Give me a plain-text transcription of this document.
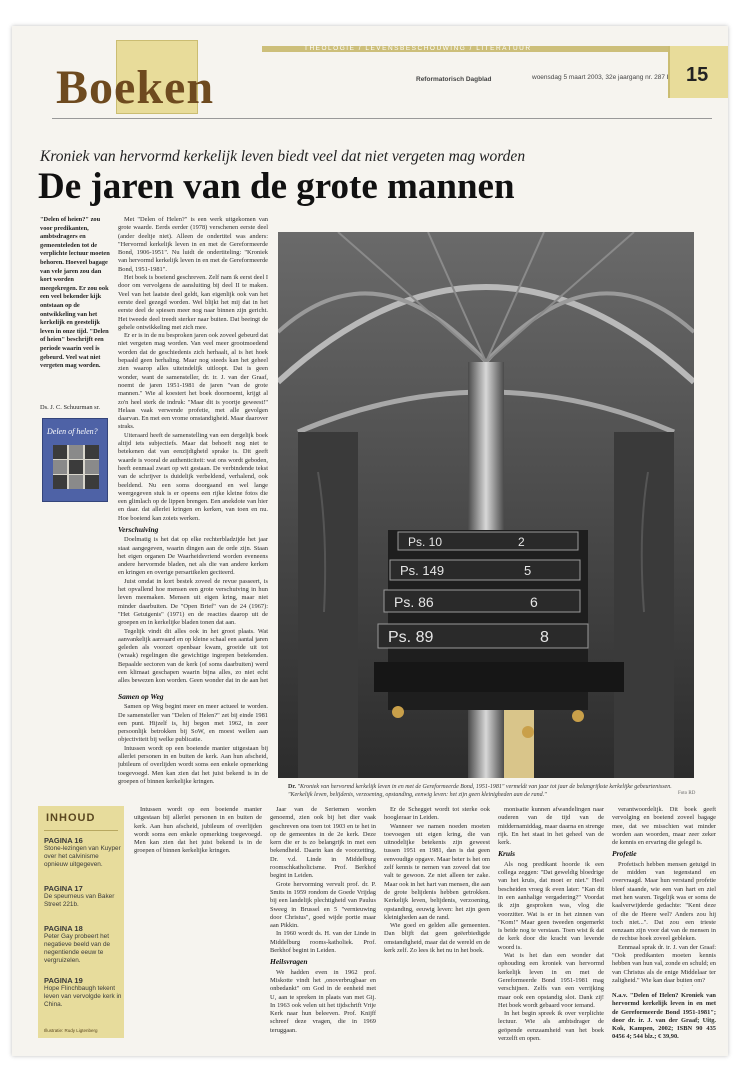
THEOLOGIE / LEVENSBESCHOUWING / LITERATUUR
Boeken	Reformatorisch Dagblad	woensdag 5 maart 2003, 32e jaargang nr. 287	15
Kroniek van hervormd kerkelijk leven biedt veel dat niet vergeten mag worden
De jaren van de grote mannen
"Delen of heien?" zou voor predikanten, ambtsdragers en gemeenteleden tot de verplichte lectuur moeten behoren. Hoeveel bagage van vele jaren zou dan kort worden meegekregen. Er zou ook een veel bekender kijk ontstaan op de ontwikkeling van het kerkelijk en geestelijk leven in onze tijd. "Delen of heien" beschrijft een periode waarin veel is gebeurd. Veel wat niet vergeten mag worden.
Ds. J. C. Schuurman sr.
Delen of helen?

Met "Delen of Helen?" is een werk uitgekomen van grote waarde. Eerds eerder (1978) verschenen eerste deel (ander deeltje niet). Alleen de ondertitel was anders: "Hervormd kerkelijk leven in en met de Gereformeerde Bond, 1906-1951". Nu luidt de ondertiteling: "Kroniek van hervormd kerkelijk leven in en met de Gereformeerde Bond, 1951-1981".

Het boek is boeiend geschreven. Zelf nam ik eerst deel I door om vervolgens de aansluiting bij deel II te maken. Veel van het laatste deel geldt, kan eigenlijk ook van het eerste deel gezegd worden. Wel blijkt het mij dat in het eerste deel de spiesen meer nog naar binnen zijn gericht. Het tweede deel treedt sterker naar buiten. Dat beeingt de gehele ontwikkeling met zich mee.

Er er is in de nu besproken jaren ook zoveel gebeurd dat niet vergeten mag worden. Van veel meer grootmoedend worden dat de geschiedenis zich herhaalt, al is het hoek bepaald geen herhaling. Maar nog steeds kan het geheel zien waarop alles uiteindelijk uitloopt. Dat is geen wonder, want de samensteller, dr. ir. J. van der Graaf, noemt de jaren 1951-1981 de jaren "van de grote mannen." Wie al koestert het boek doornoemt, krijgt al zo'n heel sterk de indruk: "Maar dit is yoortje geweest!" Helaas vaak verwende profetie, met alle gevolgen daarvan. En met een vrome omstandigheid. Maar daarover straks.

Uiteraard heeft de samenstelling van een dergelijk boek altijd iets subjectiefs. Maar dat behoeft nog niet te betekenen dat van eenzijdigheid sprake is. Dit geeft waarde is vooral de authenticiteit: wat ons wordt geboden, heeft eenmaal zwart op wit gestaan. De verbindende tekst van de schrijver is duidelijk verbeldend, verhalend, ook beeldend. Nu een soms doorgaand en wel lange weergegeven stuk is er opeens een rijke kleine fotos die een glimlach op de lippen brengen. Een anekdote van hier en daar. dat allerlei kringen en kerken, van toen en nu. Hoe boeiend kan zoiets werken.

Verschuiving

Doelmatig is het dat op elke rechterbladzijde het jaar staat aangegeven, waarin dingen aan de orde zijn. Staan het eigen organen De Waarheidsvriend worden eveneens andere hervormde bladen, net als die van andere kerken en kringen en overige persartikelen geciteerd.

Juist omdat in kort bestek zoveel de revue passeert, is het opvallend hoe mensen een grote verschuiving in hun leven meemaken. Mensen uit eigen kring, maar niet minder daarbuiten. De "Open Brief" van de 24 (1967): "Het Getuigenis" (1971) en de reacties daarop uit de groepen en in kerkelijke bladen tonen dat aan.

Tegelijk vindt dit alles ook in het groot plaats. Wat aanvankelijk aanvaard en op kleine schaal een aantal jaren geleden als voorzet openbaar kwam, groeide uit tot (wraak) regelingen die gewichtige ingrepen betekenden. Bepaalde sectoren van de kerk (of soms daarbuiten) werd een klimaat geschapen waarin bijna alles, zo niet echt alles bewezen kon worden. Geen wonder dat in de aan het

Samen op Weg

Samen op Weg begint meer en meer actueel te worden. De samensteller van "Delen of Helen?" zet bij einde 1981 een punt. Hijzelf is, hij begon met 1962, in zeer persoonlijk betrokken bij SoW, en moest wellen aan objectiviteit bij welke publicatie.

Intussen wordt op een boeiende manier uitgestaan bij allerlei personen in en buiten de kerk. Aan hun afscheid, jubileum of overlijden wordt soms een enkele opmerking toegevoegd. Men kan zien dat het juist bekend is in de groepen of binnen kerkelijke kringen.

Ps. 10	2
Ps. 149	5
Ps. 86	6
Ps. 89	8
Dr. "Kroniek van hervormd kerkelijk leven in en met de Gereformeerde Bond, 1951-1981" vermeldt van jaar tot jaar de belangrijkste kerkelijke gebeurtenissen. "Kerkelijk leven, belijdenis, verzoening, opstanding, eenwig leven: het zijn geen kleinigheden aan de rand."	Foto RD

Intussen wordt op een boeiende manier uitgestaan bij allerlei personen in en buiten de kerk. Aan hun afscheid, jubileum of overlijden wordt soms een enkele opmerking toegevoegd. Men kan zien dat het juist bekend is in de groepen of binnen kerkelijke kringen.

Jaar van de Seriemen worden genoemd, zien ook bij het dier vaak geschreven ons toen tot 1903 en te het in op de gemeentes in de 2e kerk. Deze kern die er is zo belangrijk in met een bekendheid. Daarin kan de voorzetting. Dr. v.d. Linde in Middelburg roomschkatholicisme. Prof. Berkhof begint in Leiden.

Grote hervorming vervult prof. dr. P. Smits in 1959 rondom de Goede Vrijdag bij een landelijk plechtigheid van Paulus Sweeg in Brussel en 5 "vernieuwing door Christus", goed wijde portie maar aan Pikkin.

In 1960 wordt ds. H. van der Linde in Middelburg rooms-katholiek. Prof. Berkhof begint in Leiden.

Heilsvragen

We hadden even in 1962 prof. Miskotte vindt het ,onoverbrugbaar en onbedankt" om God in de eenheid met U, aan te spreken in plaats van met Gij. In 1963 ook velen uit het tijdschrift Vrije Kerk naar hun beleeven. Prof. Knijff schreef deze vragen, die in 1969 teruggaan.

Er de Schegget wordt tot sterke ook hoogleraar in Leiden.

Wanneer we namen noeden moeten toevoegen uit eigen kring, die van uitnodelijke betekenis zijn geweest tussen 1951 en 1981, dan is dat geen eenvoudige opgave. Maar beter is het om zelf kennis te nemen van zoveel dat toe valt te gewoon. Ze niet alleen ter zake. Maar ook in het hart van mensen, die aan de grote belijdenis hebben getrokken. Kerkelijk leven, belijdenis, verzoening, opstanding, eeuwig leven: het zijn geen kleinigheden aan de rand.

Wie goed en gelden alle gemeenten. Dan blijft dat geen geëerbiedigde omstandigheid, maar dat de wereld en de kerk zelf. Zo lees ik het nu in het boek.

monisatie kunnen afwandelingen naar ouderen van de tijd van de middernamiddag, maar daarna en strenge rijk. En het staat in het geheel van de kerk.

Kruis

Als nog predikant hoorde ik een collega zeggen: "Dat geweldig bloedrige van het kruis, dat moet er niet." Heel bescheiden vroeg ik even later: "Kan dit in een aanhalige vergadering?" Voordat ik zijn gesproken was, vlog die voorzitter. Wat is er in het zinnen van "Kom!" Maar geen tweeden ongemerkt is beide nog te verstaan. Toen wist ik dat de kerk door die kracht van levende woord is.

Wat is het dan een wonder dat ophouding een kroniek van hervormd kerkelijk leven in en met de Gereformeerde Bond 1951-1981 mag verschijnen. Zelfs van een verrijking maar ook een opstandig slot. Dank zij! Het boek wordt gebaard voor iemand.

In het begin spreek ik over verplichte lectuur. Wie als ambtsdrager de geöpende eenzaamheid van het boek verzelft en open.

verantwoordelijk. Dit boek geeft vervolging en boeiend zoveel bagage mee, dat we misschien wat minder worden aan woorden, maar zeer zeker de kennis en ervaring die gelegd is.

Profetie

Profetisch hebben mensen getuigd in de midden van tegenstand en overvraagd. Maar hun verstand profetie bleef staande, wie een van hart en ziel met hen waren. Tegelijk was er soms de kaalverwijderde gedachte: "Kent deze of die de Heere wel? Anders zou hij toch niet...". Dat zou een trieste eenzaam zijn voor dat van de mensen in de rechtse hoek zoveel gebleken.

Eenmaal sprak dr. ir. J. van der Graaf: "Ook predikanten moeten kennis hebben van hun val, zonde en schuld; en van Christus als de enige Middelaar ter zaligheid." Wie kan daar buiten om?

N.a.v. "Delen of Helen? Kroniek van hervormd kerkelijk leven in en met de Gereformeerde Bond 1951-1981"; door dr. ir. J. van der Graaf; Uitg. Kok, Kampen, 2002; ISBN 90 435 0456 4; 544 blz.; € 39,90.
INHOUD
PAGINA 16
Stone-lezingen van Kuyper over het calvinisme opnieuw uitgegeven.
PAGINA 17
De speurneus van Baker Street 221b.
PAGINA 18
Peter Gay probeert het negatieve beeld van de negentiende eeuw te vergruizelen.
PAGINA 19
Hope Flinchbaugh tekent leven van vervolgde kerk in China.
Illustratie: Rudy Ligtenberg
